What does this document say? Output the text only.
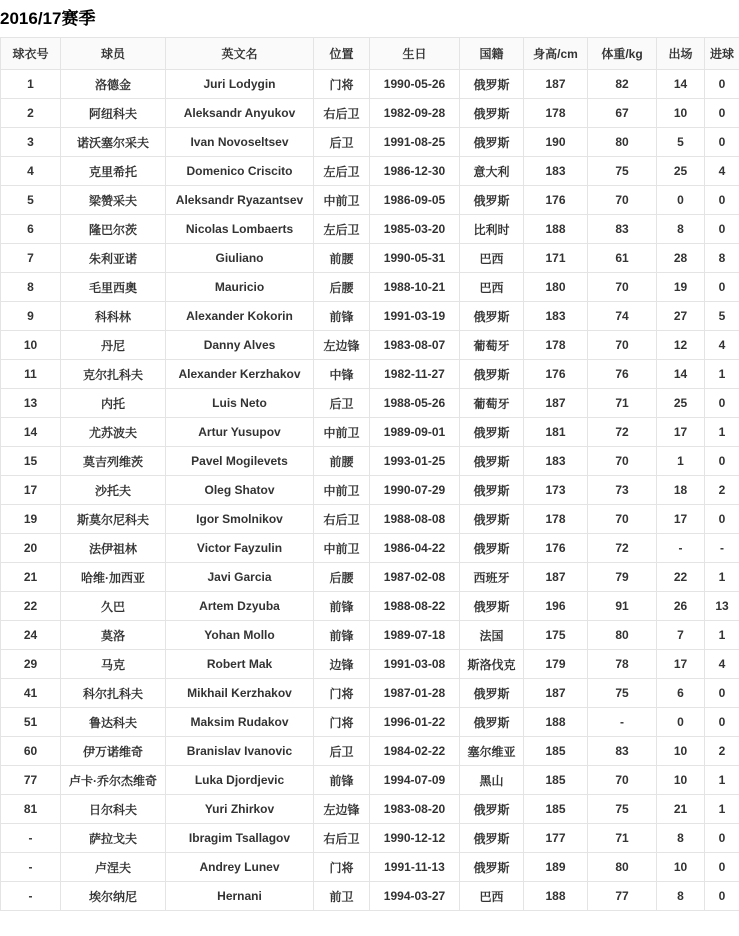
2016/17赛季
球衣号	球员	英文名	位置	生日	国籍	身高/cm	体重/kg	出场	进球
1	洛德金	Juri Lodygin	门将	1990-05-26	俄罗斯	187	82	14	0
2	阿纽科夫	Aleksandr Anyukov	右后卫	1982-09-28	俄罗斯	178	67	10	0
3	诺沃塞尔采夫	Ivan Novoseltsev	后卫	1991-08-25	俄罗斯	190	80	5	0
4	克里希托	Domenico Criscito	左后卫	1986-12-30	意大利	183	75	25	4
5	梁赞采夫	Aleksandr Ryazantsev	中前卫	1986-09-05	俄罗斯	176	70	0	0
6	隆巴尔茨	Nicolas Lombaerts	左后卫	1985-03-20	比利时	188	83	8	0
7	朱利亚诺	Giuliano	前腰	1990-05-31	巴西	171	61	28	8
8	毛里西奥	Mauricio	后腰	1988-10-21	巴西	180	70	19	0
9	科科林	Alexander Kokorin	前锋	1991-03-19	俄罗斯	183	74	27	5
10	丹尼	Danny Alves	左边锋	1983-08-07	葡萄牙	178	70	12	4
11	克尔扎科夫	Alexander Kerzhakov	中锋	1982-11-27	俄罗斯	176	76	14	1
13	内托	Luis Neto	后卫	1988-05-26	葡萄牙	187	71	25	0
14	尤苏波夫	Artur Yusupov	中前卫	1989-09-01	俄罗斯	181	72	17	1
15	莫吉列维茨	Pavel Mogilevets	前腰	1993-01-25	俄罗斯	183	70	1	0
17	沙托夫	Oleg Shatov	中前卫	1990-07-29	俄罗斯	173	73	18	2
19	斯莫尔尼科夫	Igor Smolnikov	右后卫	1988-08-08	俄罗斯	178	70	17	0
20	法伊祖林	Victor Fayzulin	中前卫	1986-04-22	俄罗斯	176	72	-	-
21	哈维·加西亚	Javi Garcia	后腰	1987-02-08	西班牙	187	79	22	1
22	久巴	Artem Dzyuba	前锋	1988-08-22	俄罗斯	196	91	26	13
24	莫洛	Yohan Mollo	前锋	1989-07-18	法国	175	80	7	1
29	马克	Robert Mak	边锋	1991-03-08	斯洛伐克	179	78	17	4
41	科尔扎科夫	Mikhail Kerzhakov	门将	1987-01-28	俄罗斯	187	75	6	0
51	鲁达科夫	Maksim Rudakov	门将	1996-01-22	俄罗斯	188	-	0	0
60	伊万诺维奇	Branislav Ivanovic	后卫	1984-02-22	塞尔维亚	185	83	10	2
77	卢卡·乔尔杰维奇	Luka Djordjevic	前锋	1994-07-09	黑山	185	70	10	1
81	日尔科夫	Yuri Zhirkov	左边锋	1983-08-20	俄罗斯	185	75	21	1
-	萨拉戈夫	Ibragim Tsallagov	右后卫	1990-12-12	俄罗斯	177	71	8	0
-	卢涅夫	Andrey Lunev	门将	1991-11-13	俄罗斯	189	80	10	0
-	埃尔纳尼	Hernani	前卫	1994-03-27	巴西	188	77	8	0
